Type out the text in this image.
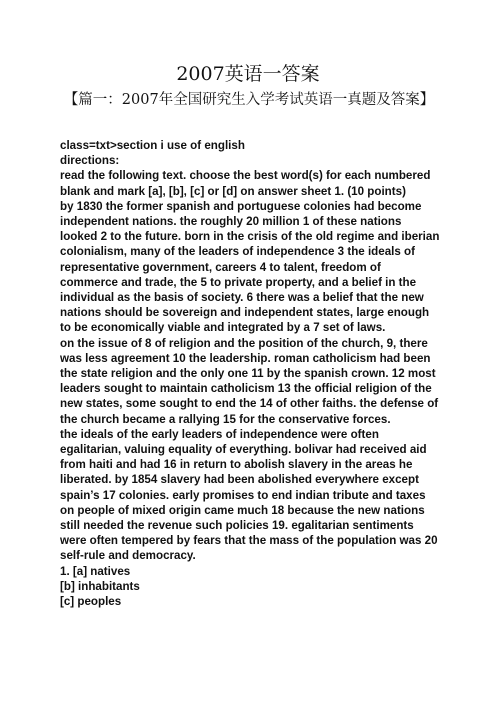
2007英语一答案
【篇一：2007年全国研究生入学考试英语一真题及答案】

class=txt>section i use of english

directions:

read the following text. choose the best word(s) for each numbered blank and mark [a], [b], [c] or [d] on answer sheet 1. (10 points)

by 1830 the former spanish and portuguese colonies had become independent nations. the roughly 20 million 1 of these nations looked 2 to the future. born in the crisis of the old regime and iberian colonialism, many of the leaders of independence 3 the ideals of representative government, careers 4 to talent, freedom of commerce and trade, the 5 to private property, and a belief in the individual as the basis of society. 6 there was a belief that the new nations should be sovereign and independent states, large enough to be economically viable and integrated by a 7 set of laws.

on the issue of 8 of religion and the position of the church, 9, there was less agreement 10 the leadership. roman catholicism had been the state religion and the only one 11 by the spanish crown. 12 most leaders sought to maintain catholicism 13 the official religion of the new states, some sought to end the 14 of other faiths. the defense of the church became a rallying 15 for the conservative forces.

the ideals of the early leaders of independence were often egalitarian, valuing equality of everything. bolivar had received aid from haiti and had 16 in return to abolish slavery in the areas he liberated. by 1854 slavery had been abolished everywhere except

spain’s 17 colonies. early promises to end indian tribute and taxes on people of mixed origin came much 18 because the new nations still needed the revenue such policies 19. egalitarian sentiments were often tempered by fears that the mass of the population was 20 self-rule and democracy.

1. [a] natives

[b] inhabitants

[c] peoples
